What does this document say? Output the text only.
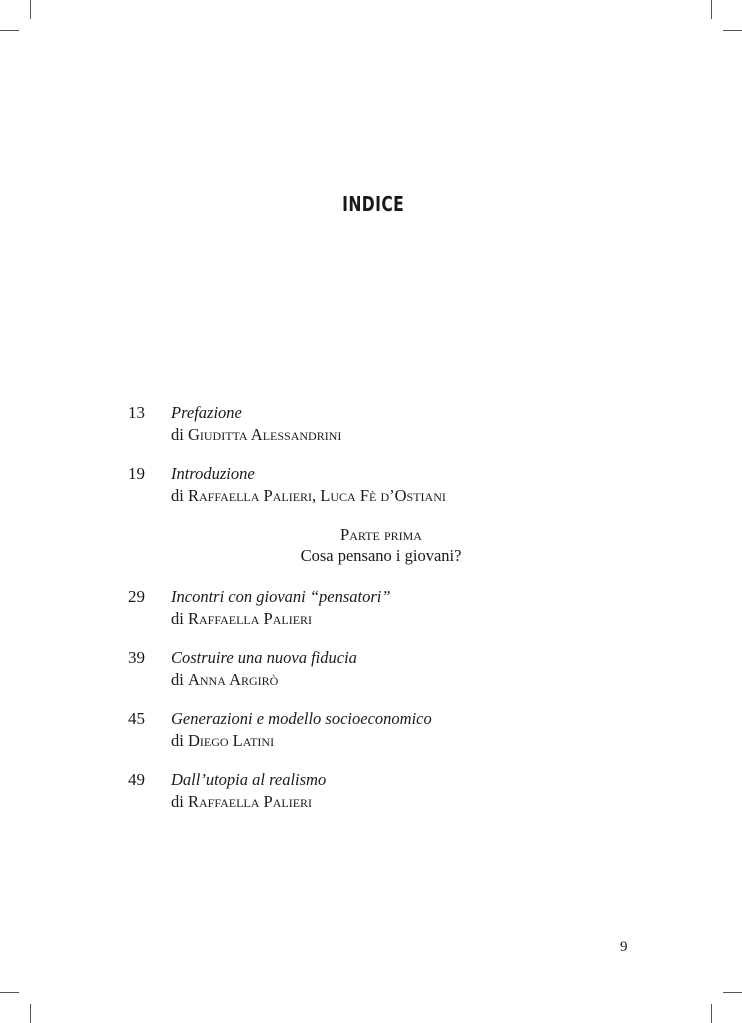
INDICE
13 Prefazione
di Giuditta Alessandrini
19 Introduzione
di Raffaella Palieri, Luca Fè d’Ostiani
Parte prima
Cosa pensano i giovani?
29 Incontri con giovani “pensatori”
di Raffaella Palieri
39 Costruire una nuova fiducia
di Anna Argirò
45 Generazioni e modello socioeconomico
di Diego Latini
49 Dall’utopia al realismo
di Raffaella Palieri
9
